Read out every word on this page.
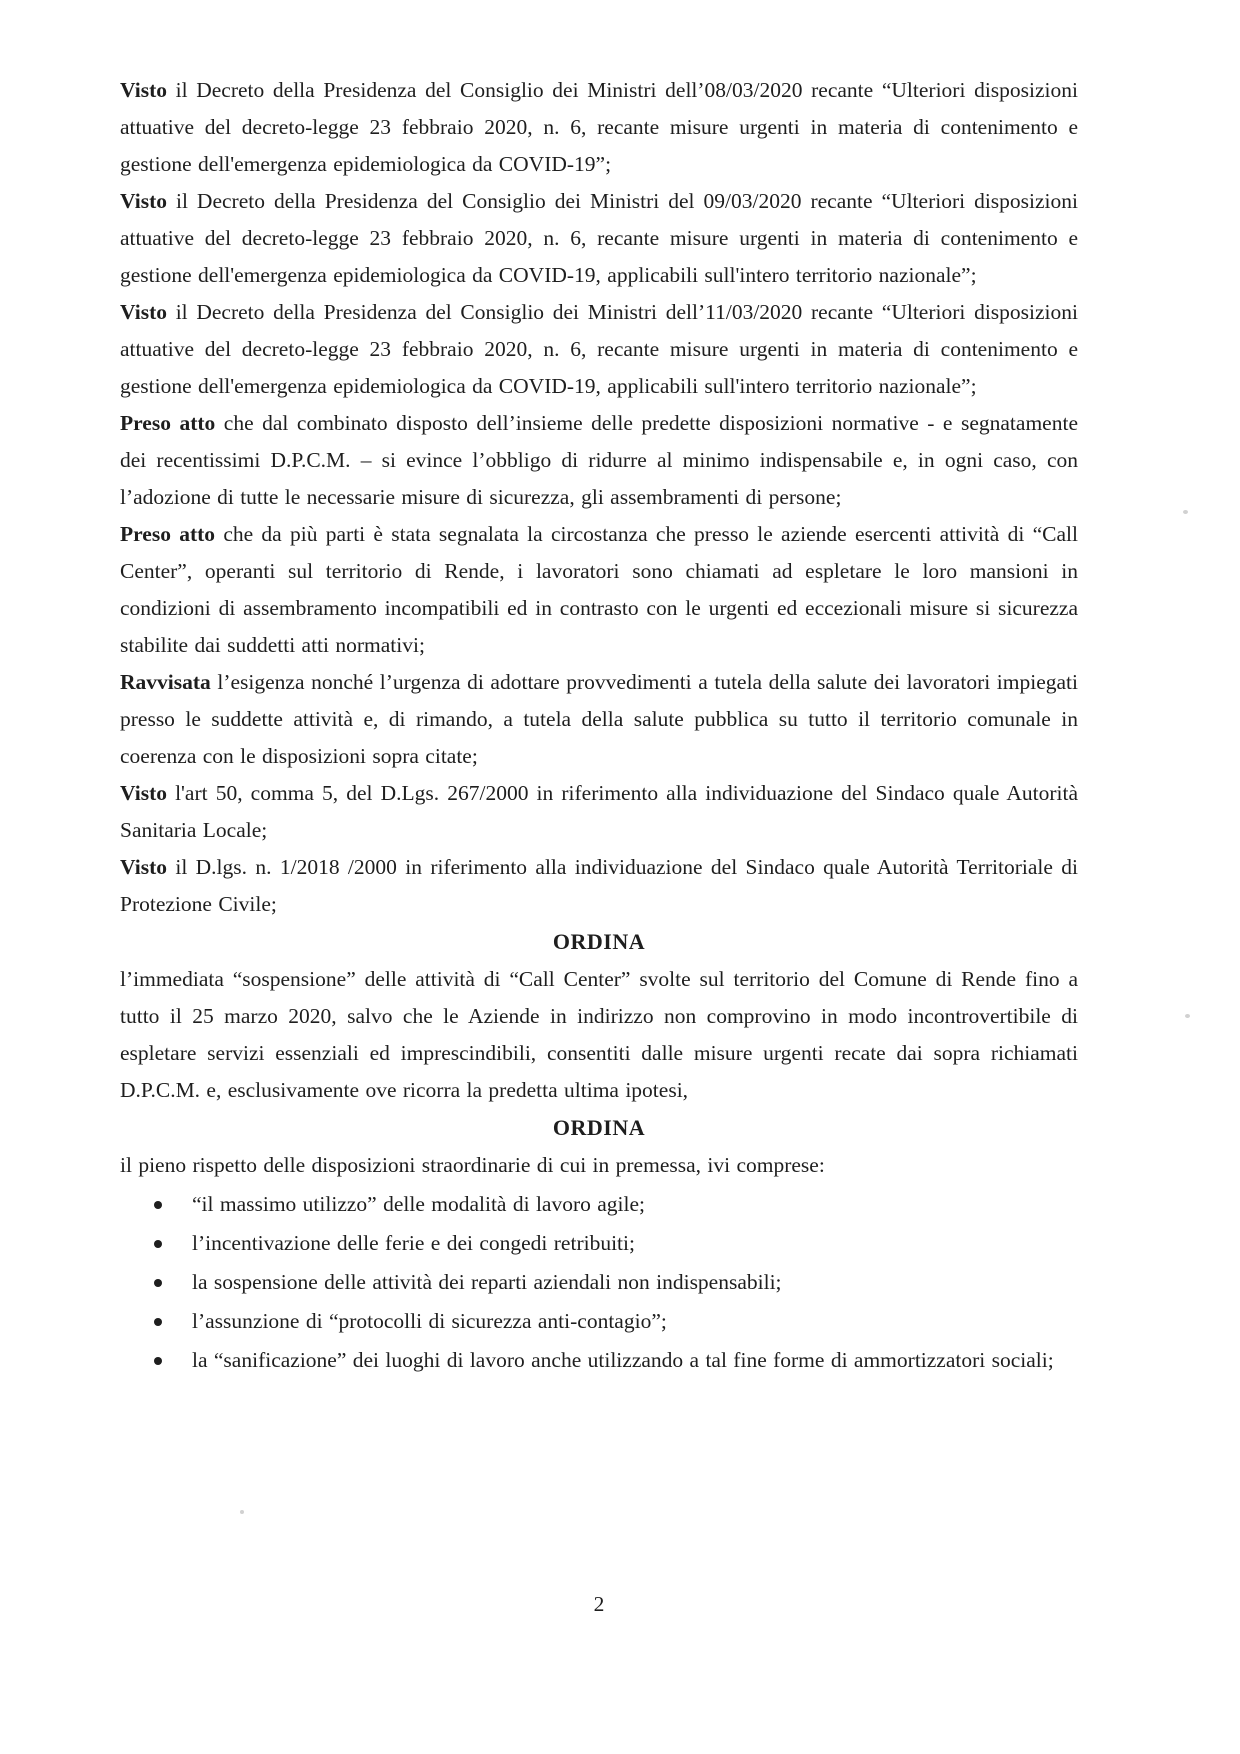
Visto il Decreto della Presidenza del Consiglio dei Ministri dell’08/03/2020 recante “Ulteriori disposizioni attuative del decreto-legge 23 febbraio 2020, n. 6, recante misure urgenti in materia di contenimento e gestione dell'emergenza epidemiologica da COVID-19”;

Visto il Decreto della Presidenza del Consiglio dei Ministri del 09/03/2020 recante “Ulteriori disposizioni attuative del decreto-legge 23 febbraio 2020, n. 6, recante misure urgenti in materia di contenimento e gestione dell'emergenza epidemiologica da COVID-19, applicabili sull'intero territorio nazionale”;

Visto il Decreto della Presidenza del Consiglio dei Ministri dell’11/03/2020 recante “Ulteriori disposizioni attuative del decreto-legge 23 febbraio 2020, n. 6, recante misure urgenti in materia di contenimento e gestione dell'emergenza epidemiologica da COVID-19, applicabili sull'intero territorio nazionale”;

Preso atto che dal combinato disposto dell’insieme delle predette disposizioni normative - e segnatamente dei recentissimi D.P.C.M. – si evince l’obbligo di ridurre al minimo indispensabile e, in ogni caso, con l’adozione di tutte le necessarie misure di sicurezza, gli assembramenti di persone;

Preso atto che da più parti è stata segnalata la circostanza che presso le aziende esercenti attività di “Call Center”, operanti sul territorio di Rende, i lavoratori sono chiamati ad espletare le loro mansioni in condizioni di assembramento incompatibili ed in contrasto con le urgenti ed eccezionali misure si sicurezza stabilite dai suddetti atti normativi;

Ravvisata l’esigenza nonché l’urgenza di adottare provvedimenti a tutela della salute dei lavoratori impiegati presso le suddette attività e, di rimando, a tutela della salute pubblica su tutto il territorio comunale in coerenza con le disposizioni sopra citate;

Visto l'art 50, comma 5, del D.Lgs. 267/2000 in riferimento alla individuazione del Sindaco quale Autorità Sanitaria Locale;

Visto il D.lgs. n. 1/2018 /2000 in riferimento alla individuazione del Sindaco quale Autorità Territoriale di Protezione Civile;

ORDINA

l’immediata “sospensione” delle attività di “Call Center” svolte sul territorio del Comune di Rende fino a tutto il 25 marzo 2020, salvo che le Aziende in indirizzo non comprovino in modo incontrovertibile di espletare servizi essenziali ed imprescindibili, consentiti dalle misure urgenti recate dai sopra richiamati D.P.C.M. e, esclusivamente ove ricorra la predetta ultima ipotesi,

ORDINA

il pieno rispetto delle disposizioni straordinarie di cui in premessa, ivi comprese:

“il massimo utilizzo” delle modalità di lavoro agile;
l’incentivazione delle ferie e dei congedi retribuiti;
la sospensione delle attività dei reparti aziendali non indispensabili;
l’assunzione di “protocolli di sicurezza anti-contagio”;
la “sanificazione” dei luoghi di lavoro anche utilizzando a tal fine forme di ammortizzatori sociali;
2
